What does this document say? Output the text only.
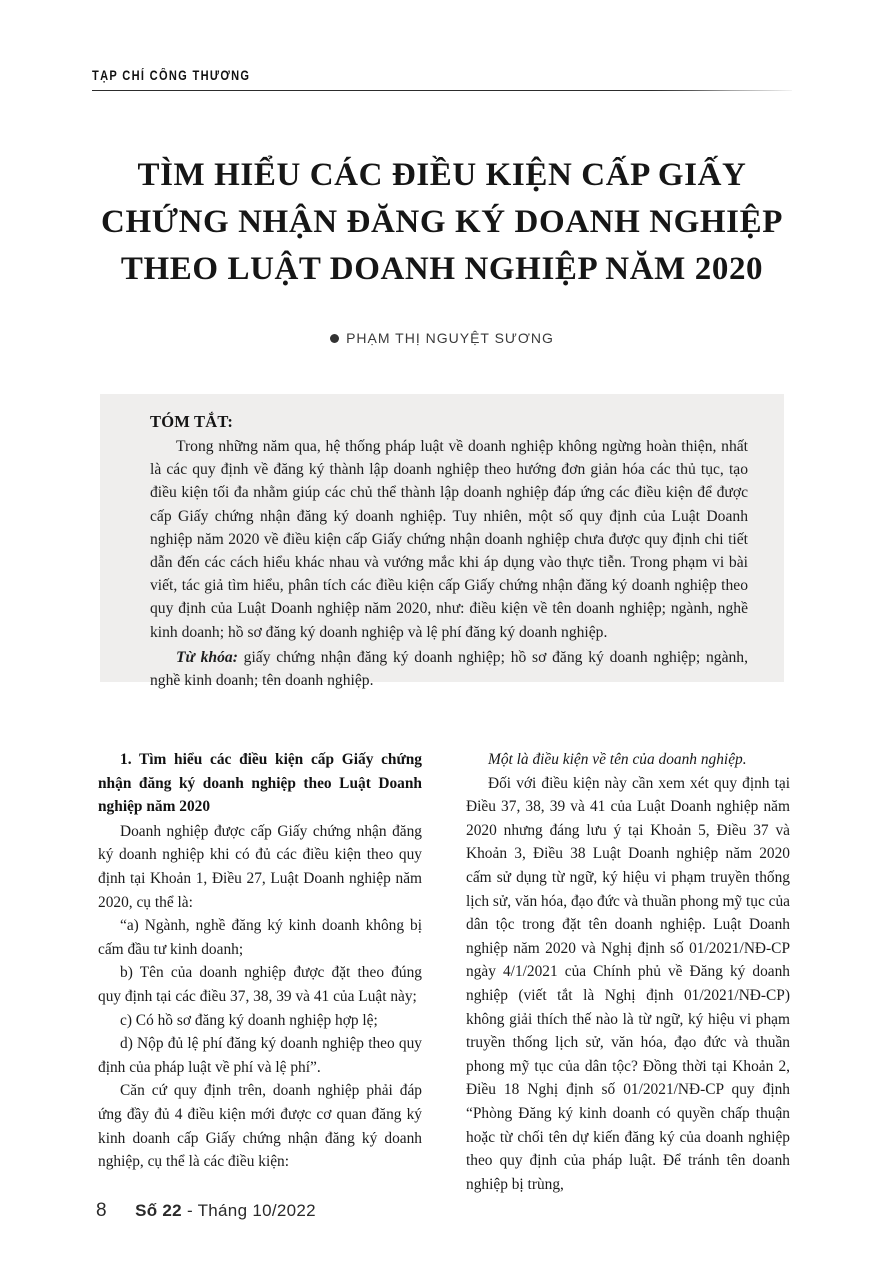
TẠP CHÍ CÔNG THƯƠNG
TÌM HIỂU CÁC ĐIỀU KIỆN CẤP GIẤY
CHỨNG NHẬN ĐĂNG KÝ DOANH NGHIỆP
THEO LUẬT DOANH NGHIỆP NĂM 2020
PHẠM THỊ NGUYỆT SƯƠNG

TÓM TẮT:

Trong những năm qua, hệ thống pháp luật về doanh nghiệp không ngừng hoàn thiện, nhất là các quy định về đăng ký thành lập doanh nghiệp theo hướng đơn giản hóa các thủ tục, tạo điều kiện tối đa nhằm giúp các chủ thể thành lập doanh nghiệp đáp ứng các điều kiện để được cấp Giấy chứng nhận đăng ký doanh nghiệp. Tuy nhiên, một số quy định của Luật Doanh nghiệp năm 2020 về điều kiện cấp Giấy chứng nhận doanh nghiệp chưa được quy định chi tiết dẫn đến các cách hiểu khác nhau và vướng mắc khi áp dụng vào thực tiễn. Trong phạm vi bài viết, tác giả tìm hiểu, phân tích các điều kiện cấp Giấy chứng nhận đăng ký doanh nghiệp theo quy định của Luật Doanh nghiệp năm 2020, như: điều kiện về tên doanh nghiệp; ngành, nghề kinh doanh; hồ sơ đăng ký doanh nghiệp và lệ phí đăng ký doanh nghiệp.

Từ khóa: giấy chứng nhận đăng ký doanh nghiệp; hồ sơ đăng ký doanh nghiệp; ngành, nghề kinh doanh; tên doanh nghiệp.

1. Tìm hiểu các điều kiện cấp Giấy chứng nhận đăng ký doanh nghiệp theo Luật Doanh nghiệp năm 2020

Doanh nghiệp được cấp Giấy chứng nhận đăng ký doanh nghiệp khi có đủ các điều kiện theo quy định tại Khoản 1, Điều 27, Luật Doanh nghiệp năm 2020, cụ thể là:

“a) Ngành, nghề đăng ký kinh doanh không bị cấm đầu tư kinh doanh;

b) Tên của doanh nghiệp được đặt theo đúng quy định tại các điều 37, 38, 39 và 41 của Luật này;

c) Có hồ sơ đăng ký doanh nghiệp hợp lệ;

d) Nộp đủ lệ phí đăng ký doanh nghiệp theo quy định của pháp luật về phí và lệ phí”.

Căn cứ quy định trên, doanh nghiệp phải đáp ứng đầy đủ 4 điều kiện mới được cơ quan đăng ký kinh doanh cấp Giấy chứng nhận đăng ký doanh nghiệp, cụ thể là các điều kiện:

Một là điều kiện về tên của doanh nghiệp.

Đối với điều kiện này cần xem xét quy định tại Điều 37, 38, 39 và 41 của Luật Doanh nghiệp năm 2020 nhưng đáng lưu ý tại Khoản 5, Điều 37 và Khoản 3, Điều 38 Luật Doanh nghiệp năm 2020 cấm sử dụng từ ngữ, ký hiệu vi phạm truyền thống lịch sử, văn hóa, đạo đức và thuần phong mỹ tục của dân tộc trong đặt tên doanh nghiệp. Luật Doanh nghiệp năm 2020 và Nghị định số 01/2021/NĐ-CP ngày 4/1/2021 của Chính phủ về Đăng ký doanh nghiệp (viết tắt là Nghị định 01/2021/NĐ-CP) không giải thích thế nào là từ ngữ, ký hiệu vi phạm truyền thống lịch sử, văn hóa, đạo đức và thuần phong mỹ tục của dân tộc? Đồng thời tại Khoản 2, Điều 18 Nghị định số 01/2021/NĐ-CP quy định “Phòng Đăng ký kinh doanh có quyền chấp thuận hoặc từ chối tên dự kiến đăng ký của doanh nghiệp theo quy định của pháp luật. Để tránh tên doanh nghiệp bị trùng,

8 Số 22 - Tháng 10/2022
